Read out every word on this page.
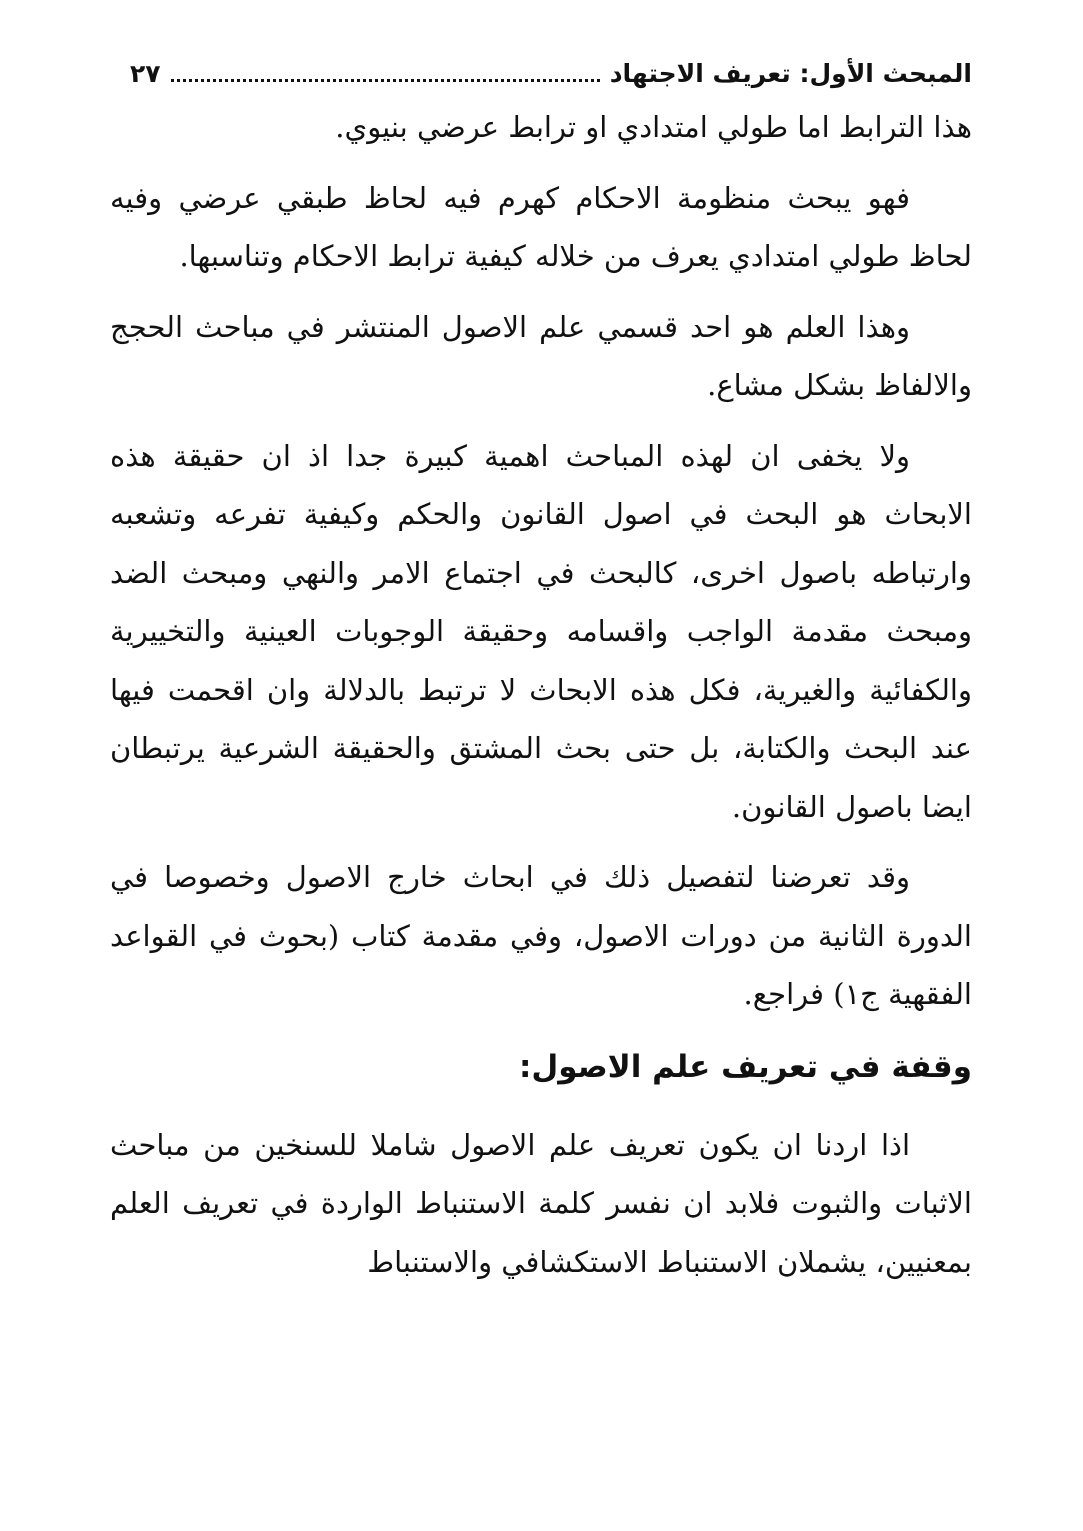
المبحث الأول: تعريف الاجتهاد
٢٧

هذا الترابط اما طولي امتدادي او ترابط عرضي بنيوي.

فهو يبحث منظومة الاحكام كهرم فيه لحاظ طبقي عرضي وفيه لحاظ طولي امتدادي يعرف من خلاله كيفية ترابط الاحكام وتناسبها.

وهذا العلم هو احد قسمي علم الاصول المنتشر في مباحث الحجج والالفاظ بشكل مشاع.

ولا يخفى ان لهذه المباحث اهمية كبيرة جدا اذ ان حقيقة هذه الابحاث هو البحث في اصول القانون والحكم وكيفية تفرعه وتشعبه وارتباطه باصول اخرى، كالبحث في اجتماع الامر والنهي ومبحث الضد ومبحث مقدمة الواجب واقسامه وحقيقة الوجوبات العينية والتخييرية والكفائية والغيرية، فكل هذه الابحاث لا ترتبط بالدلالة وان اقحمت فيها عند البحث والكتابة، بل حتى بحث المشتق والحقيقة الشرعية يرتبطان ايضا باصول القانون.

وقد تعرضنا لتفصيل ذلك في ابحاث خارج الاصول وخصوصا في الدورة الثانية من دورات الاصول، وفي مقدمة كتاب (بحوث في القواعد الفقهية ج١) فراجع.

وقفة في تعريف علم الاصول:

اذا اردنا ان يكون تعريف علم الاصول شاملا للسنخين من مباحث الاثبات والثبوت فلابد ان نفسر كلمة الاستنباط الواردة في تعريف العلم بمعنيين، يشملان الاستنباط الاستكشافي والاستنباط
